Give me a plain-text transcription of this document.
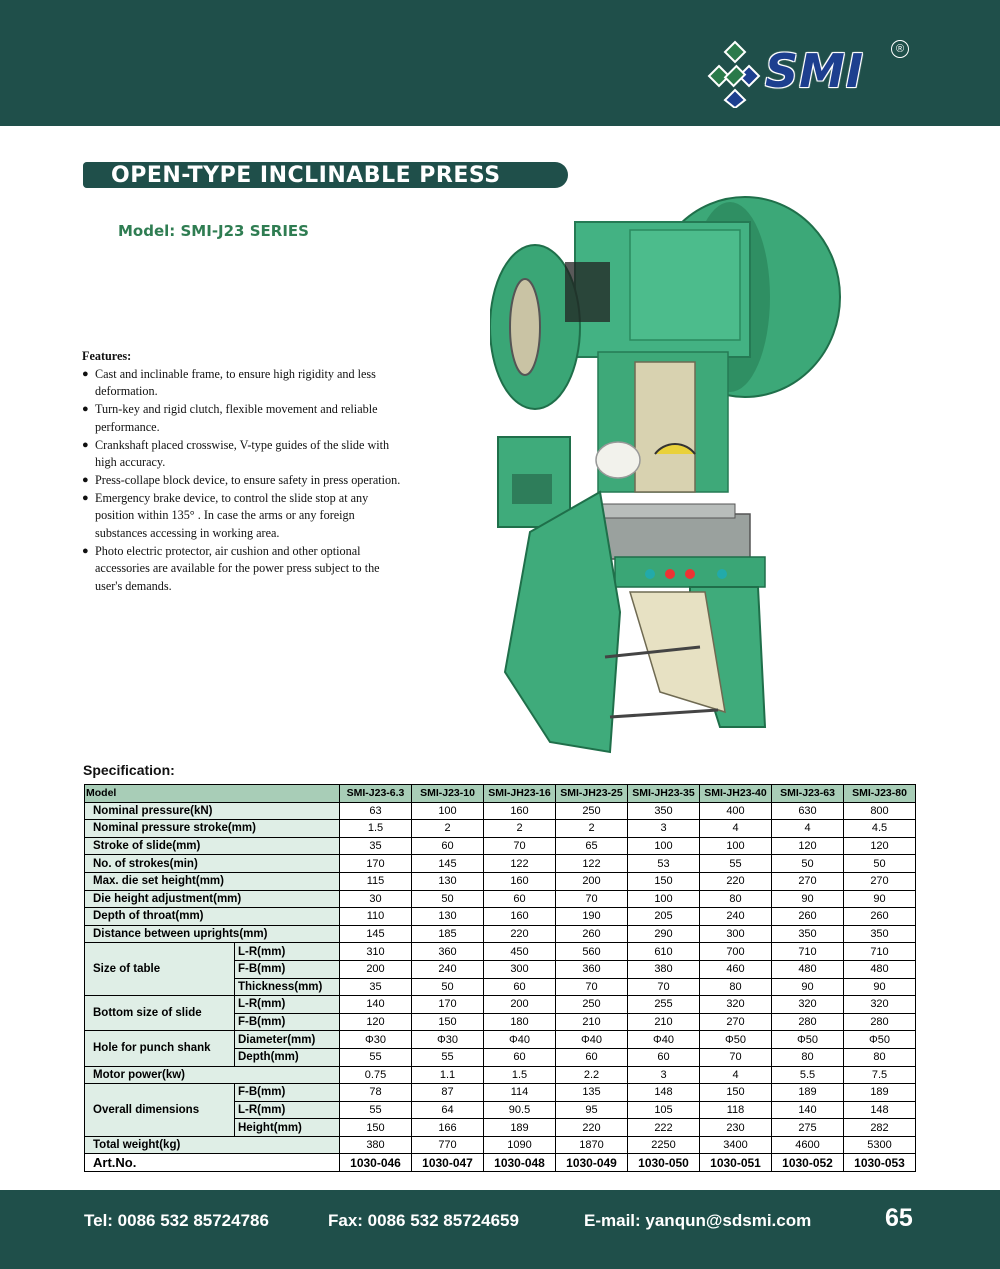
SMI	®
OPEN-TYPE INCLINABLE PRESS
Model: SMI-J23 SERIES
Features:
● Cast and inclinable frame, to ensure high rigidity and less deformation.
● Turn-key and rigid clutch, flexible movement and reliable performance.
● Crankshaft placed crosswise, V-type guides of the slide with high accuracy.
● Press-collape block device, to ensure safety in press operation.
● Emergency brake device, to control the slide stop at any position within 135° . In case the arms or any foreign substances accessing in working area.
● Photo electric protector, air cushion and other optional accessories are available for the power press subject to the user's demands.
Specification:
Model		SMI-J23-6.3	SMI-J23-10	SMI-JH23-16	SMI-JH23-25	SMI-JH23-35	SMI-JH23-40	SMI-J23-63	SMI-J23-80
Nominal pressure(kN)		63	100	160	250	350	400	630	800
Nominal pressure stroke(mm)		1.5	2	2	2	3	4	4	4.5
Stroke of slide(mm)		35	60	70	65	100	100	120	120
No. of strokes(min)		170	145	122	122	53	55	50	50
Max. die set height(mm)		115	130	160	200	150	220	270	270
Die height adjustment(mm)		30	50	60	70	100	80	90	90
Depth of throat(mm)		110	130	160	190	205	240	260	260
Distance between uprights(mm)		145	185	220	260	290	300	350	350
Size of table	L-R(mm)	310	360	450	560	610	700	710	710
	F-B(mm)	200	240	300	360	380	460	480	480
	Thickness(mm)	35	50	60	70	70	80	90	90
Bottom size of slide	L-R(mm)	140	170	200	250	255	320	320	320
	F-B(mm)	120	150	180	210	210	270	280	280
Hole for punch shank	Diameter(mm)	Φ30	Φ30	Φ40	Φ40	Φ40	Φ50	Φ50	Φ50
	Depth(mm)	55	55	60	60	60	70	80	80
Motor power(kw)		0.75	1.1	1.5	2.2	3	4	5.5	7.5
Overall dimensions	F-B(mm)	78	87	114	135	148	150	189	189
	L-R(mm)	55	64	90.5	95	105	118	140	148
	Height(mm)	150	166	189	220	222	230	275	282
Total weight(kg)		380	770	1090	1870	2250	3400	4600	5300
Art.No.		1030-046	1030-047	1030-048	1030-049	1030-050	1030-051	1030-052	1030-053
Tel: 0086 532 85724786	Fax: 0086 532 85724659	E-mail: yanqun@sdsmi.com	65
